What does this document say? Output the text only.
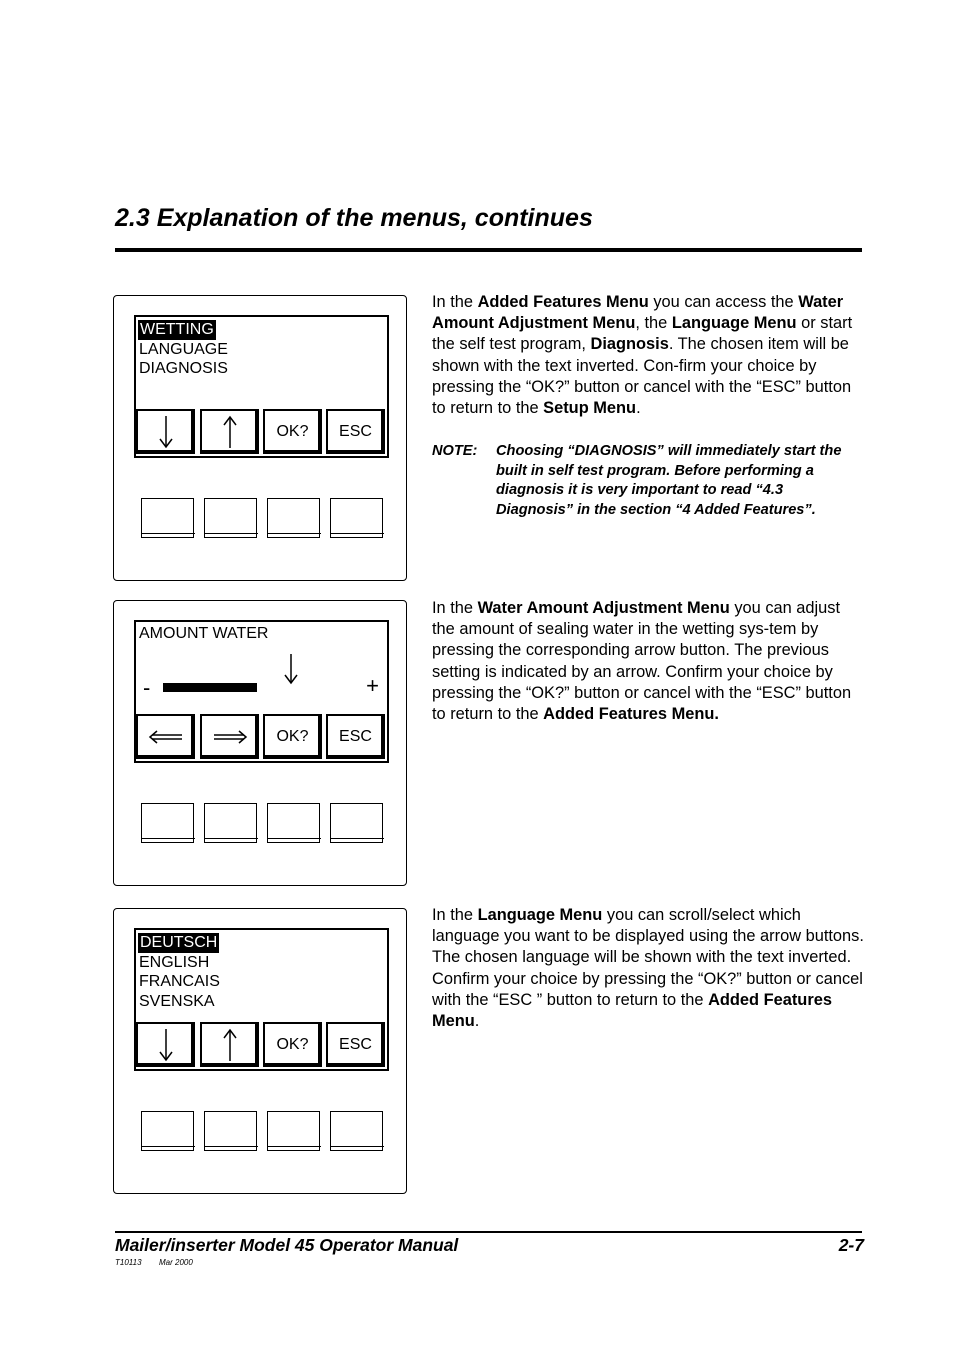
2.3 Explanation of the menus, continues
WETTING
LANGUAGE
DIAGNOSIS
OK?	ESC
AMOUNT WATER
-	+
OK?	ESC
DEUTSCH
ENGLISH
FRANCAIS
SVENSKA
OK?	ESC
In the Added Features Menu you can access the Water Amount Adjustment Menu, the Language Menu or start the self test program, Diagnosis. The chosen item will be shown with the text inverted. Con-firm your choice by pressing the “OK?” button or cancel with the “ESC” button to return to the Setup Menu.
NOTE: Choosing “DIAGNOSIS” will immediately start the built in self test program. Before performing a diagnosis it is very important to read “4.3 Diagnosis” in the section “4 Added Features”.
In the Water Amount Adjustment Menu you can adjust the amount of sealing water in the wetting sys-tem by pressing the corresponding arrow button. The previous setting is indicated by an arrow. Confirm your choice by pressing the “OK?” button or cancel with the “ESC” button to return to the Added Features Menu.
In the Language Menu you can scroll/select which language you want to be displayed using the arrow buttons. The chosen language will be shown with the text inverted. Confirm your choice by pressing the “OK?” button or cancel with the “ESC ” button to return to the Added Features Menu.
Mailer/inserter Model 45 Operator Manual	2-7
T10113 Mar 2000
